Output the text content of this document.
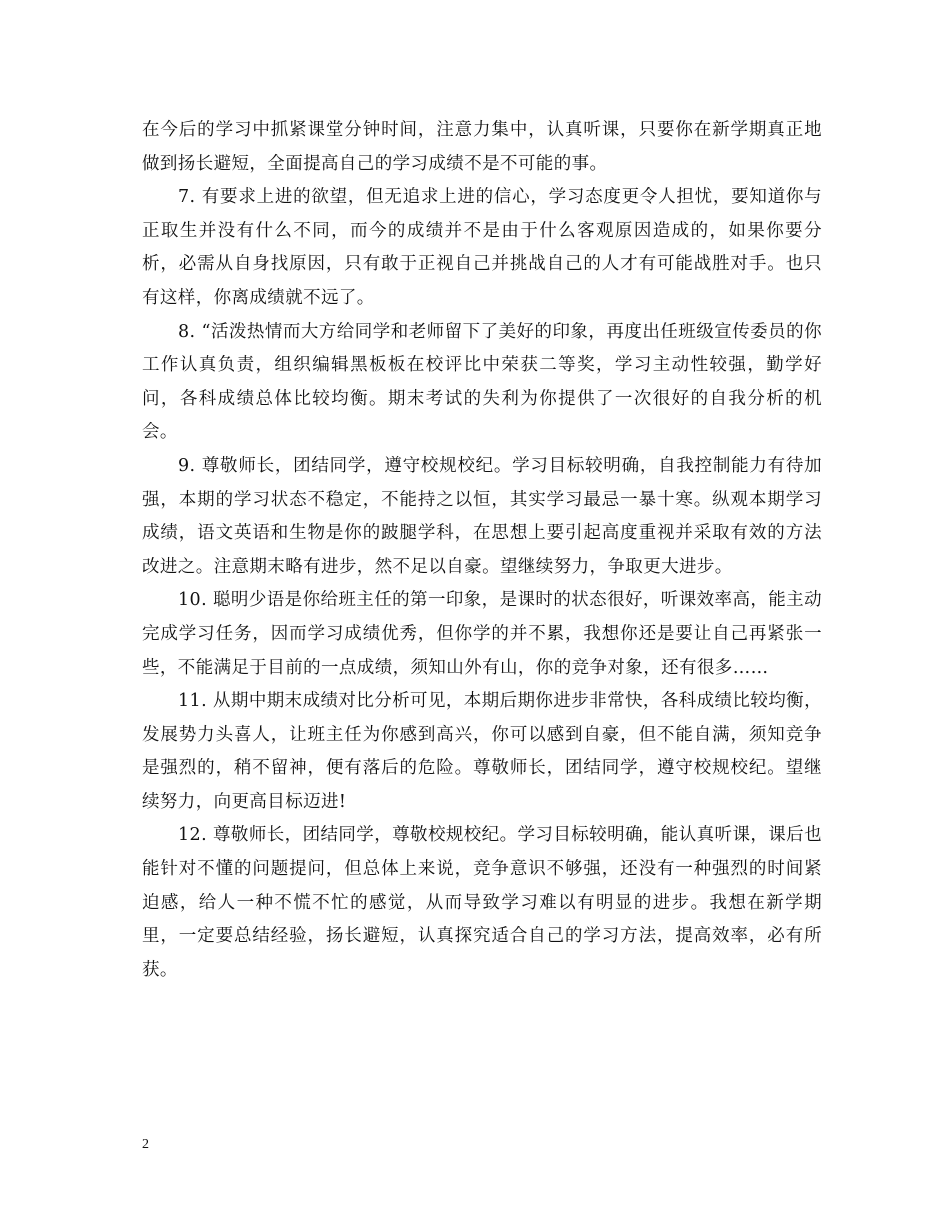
在今后的学习中抓紧课堂分钟时间，注意力集中，认真听课，只要你在新学期真正地做到扬长避短，全面提高自己的学习成绩不是不可能的事。

7. 有要求上进的欲望，但无追求上进的信心，学习态度更令人担忧，要知道你与正取生并没有什么不同，而今的成绩并不是由于什么客观原因造成的，如果你要分析，必需从自身找原因，只有敢于正视自己并挑战自己的人才有可能战胜对手。也只有这样，你离成绩就不远了。

8. “活泼热情而大方给同学和老师留下了美好的印象，再度出任班级宣传委员的你工作认真负责，组织编辑黑板板在校评比中荣获二等奖，学习主动性较强，勤学好问，各科成绩总体比较均衡。期末考试的失利为你提供了一次很好的自我分析的机会。

9. 尊敬师长，团结同学，遵守校规校纪。学习目标较明确，自我控制能力有待加强，本期的学习状态不稳定，不能持之以恒，其实学习最忌一暴十寒。纵观本期学习成绩，语文英语和生物是你的跛腿学科，在思想上要引起高度重视并采取有效的方法改进之。注意期末略有进步，然不足以自豪。望继续努力，争取更大进步。

10. 聪明少语是你给班主任的第一印象，是课时的状态很好，听课效率高，能主动完成学习任务，因而学习成绩优秀，但你学的并不累，我想你还是要让自己再紧张一些，不能满足于目前的一点成绩，须知山外有山，你的竞争对象，还有很多……

11. 从期中期末成绩对比分析可见，本期后期你进步非常快，各科成绩比较均衡，发展势力头喜人，让班主任为你感到高兴，你可以感到自豪，但不能自满，须知竞争是强烈的，稍不留神，便有落后的危险。尊敬师长，团结同学，遵守校规校纪。望继续努力，向更高目标迈进!

12. 尊敬师长，团结同学，尊敬校规校纪。学习目标较明确，能认真听课，课后也能针对不懂的问题提问，但总体上来说，竞争意识不够强，还没有一种强烈的时间紧迫感，给人一种不慌不忙的感觉，从而导致学习难以有明显的进步。我想在新学期里，一定要总结经验，扬长避短，认真探究适合自己的学习方法，提高效率，必有所获。

2
